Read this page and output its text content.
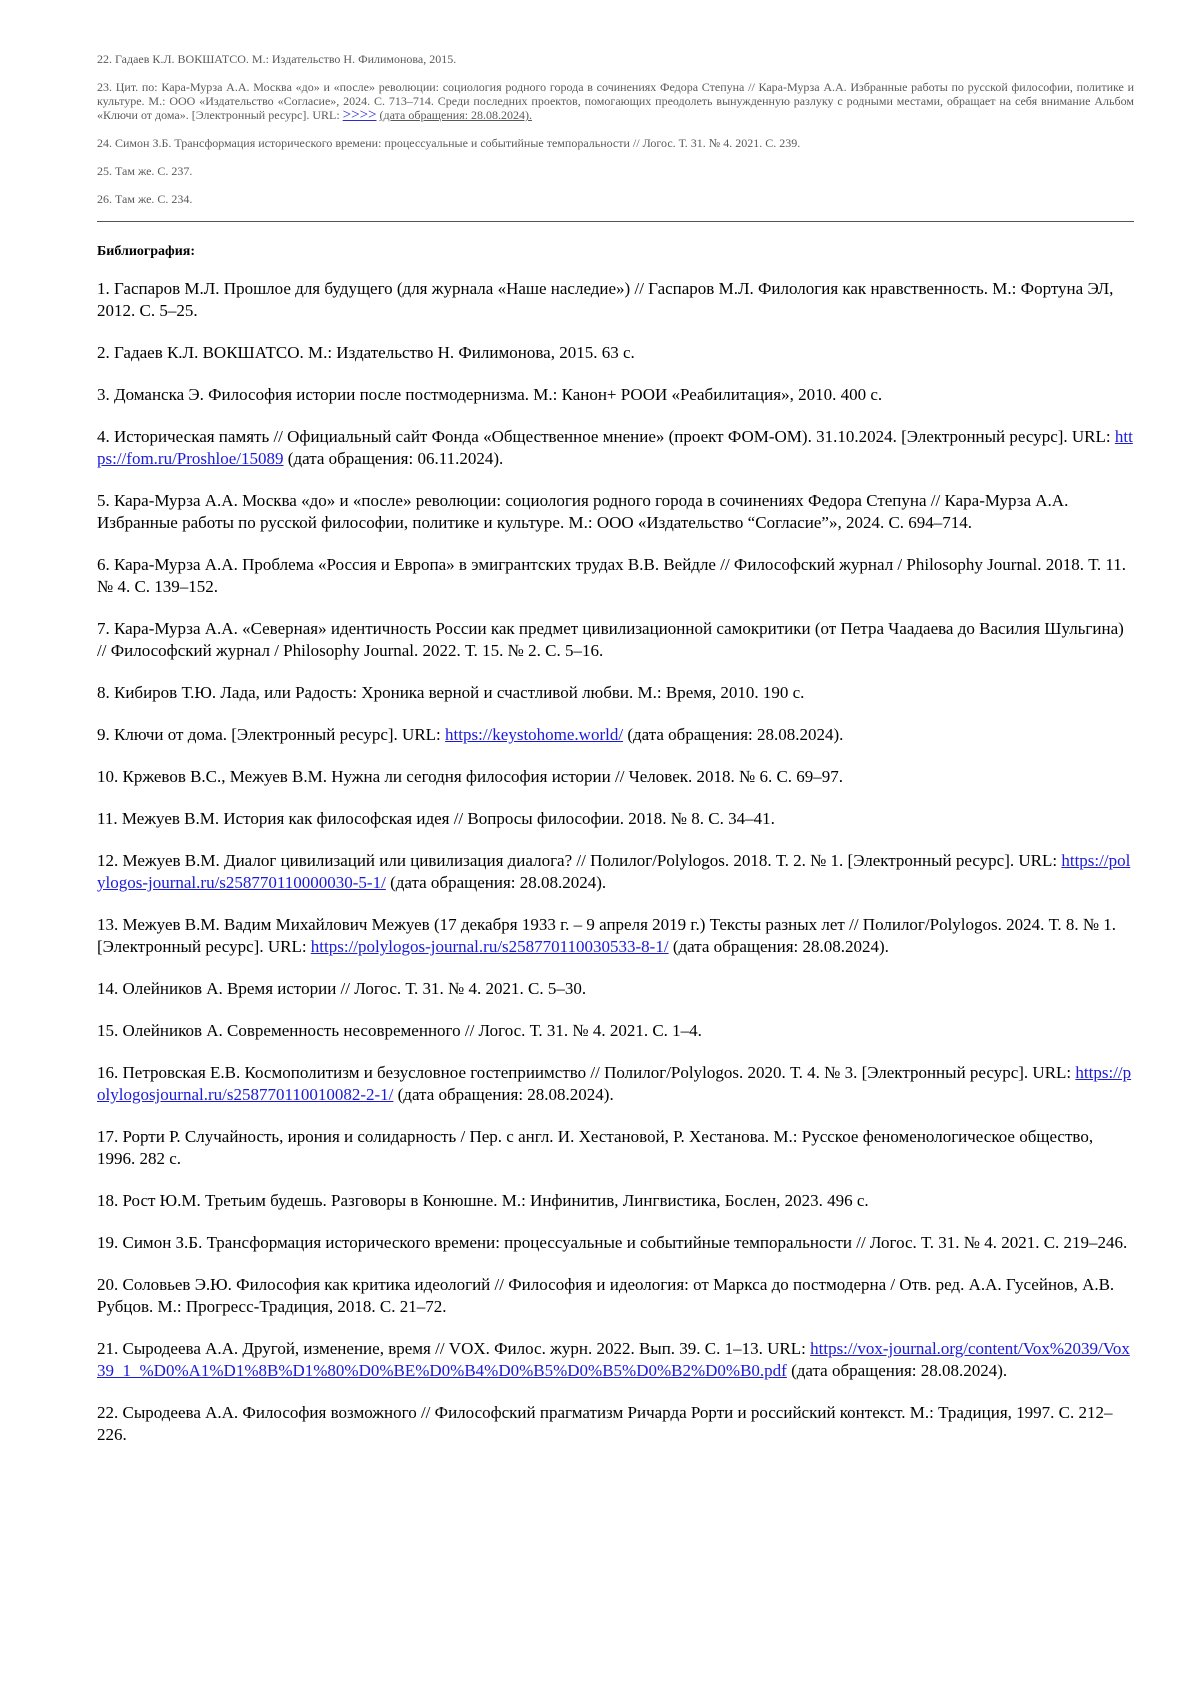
22. Гадаев К.Л. ВОКШАТСО. М.: Издательство Н. Филимонова, 2015.

23. Цит. по: Кара-Мурза А.А. Москва «до» и «после» революции: социология родного города в сочинениях Федора Степуна // Кара-Мурза А.А. Избранные работы по русской философии, политике и культуре. М.: ООО «Издательство «Согласие», 2024. С. 713–714. Среди последних проектов, помогающих преодолеть вынужденную разлуку с родными местами, обращает на себя внимание Альбом «Ключи от дома». [Электронный ресурс]. URL: >>>> (дата обращения: 28.08.2024).

24. Симон З.Б. Трансформация исторического времени: процессуальные и событийные темпоральности // Логос. Т. 31. № 4. 2021. С. 239.

25. Там же. С. 237.

26. Там же. С. 234.

Библиография:

1. Гаспаров М.Л. Прошлое для будущего (для журнала «Наше наследие») // Гаспаров М.Л. Филология как нравственность. М.: Фортуна ЭЛ, 2012. С. 5–25.

2. Гадаев К.Л. ВОКШАТСО. М.: Издательство Н. Филимонова, 2015. 63 с.

3. Доманска Э. Философия истории после постмодернизма. М.: Канон+ РООИ «Реабилитация», 2010. 400 с.

4. Историческая память // Официальный сайт Фонда «Общественное мнение» (проект ФОМ-ОМ). 31.10.2024. [Электронный ресурс]. URL: https://fom.ru/Proshloe/15089 (дата обращения: 06.11.2024).

5. Кара-Мурза А.А. Москва «до» и «после» революции: социология родного города в сочинениях Федора Степуна // Кара-Мурза А.А. Избранные работы по русской философии, политике и культуре. М.: ООО «Издательство “Согласие”», 2024. С. 694–714.

6. Кара-Мурза А.А. Проблема «Россия и Европа» в эмигрантских трудах В.В. Вейдле // Философский журнал / Philosophy Journal. 2018. Т. 11. № 4. С. 139–152.

7. Кара-Мурза А.А. «Северная» идентичность России как предмет цивилизационной самокритики (от Петра Чаадаева до Василия Шульгина) // Философский журнал / Philosophy Journal. 2022. Т. 15. № 2. С. 5–16.

8. Кибиров Т.Ю. Лада, или Радость: Хроника верной и счастливой любви. М.: Время, 2010. 190 с.

9. Ключи от дома. [Электронный ресурс]. URL: https://keystohome.world/ (дата обращения: 28.08.2024).

10. Кржевов В.С., Межуев В.М. Нужна ли сегодня философия истории // Человек. 2018. № 6. С. 69–97.

11. Межуев В.М. История как философская идея // Вопросы философии. 2018. № 8. С. 34‒41.

12. Межуев В.М. Диалог цивилизаций или цивилизация диалога? // Полилог/Polylogos. 2018. Т. 2. № 1. [Электронный ресурс]. URL: https://polylogos-journal.ru/s258770110000030-5-1/ (дата обращения: 28.08.2024).

13. Межуев В.М. Вадим Михайлович Межуев (17 декабря 1933 г. – 9 апреля 2019 г.) Тексты разных лет // Полилог/Polylogos. 2024. Т. 8. № 1. [Электронный ресурс]. URL: https://polylogos-journal.ru/s258770110030533-8-1/ (дата обращения: 28.08.2024).

14. Олейников А. Время истории // Логос. Т. 31. № 4. 2021. С. 5–30.

15. Олейников А. Современность несовременного // Логос. Т. 31. № 4. 2021. С. 1–4.

16. Петровская Е.В. Космополитизм и безусловное гостеприимство // Полилог/Polylogos. 2020. Т. 4. № 3. [Электронный ресурс]. URL: https://polylogosjournal.ru/s258770110010082-2-1/ (дата обращения: 28.08.2024).

17. Рорти Р. Случайность, ирония и солидарность / Пер. с англ. И. Хестановой, Р. Хестанова. М.: Русское феноменологическое общество, 1996. 282 с.

18. Рост Ю.М. Третьим будешь. Разговоры в Конюшне. М.: Инфинитив, Лингвистика, Бослен, 2023. 496 с.

19. Симон З.Б. Трансформация исторического времени: процессуальные и событийные темпоральности // Логос. Т. 31. № 4. 2021. С. 219–246.

20. Соловьев Э.Ю. Философия как критика идеологий // Философия и идеология: от Маркса до постмодерна / Отв. ред. А.А. Гусейнов, А.В. Рубцов. М.: Прогресс-Традиция, 2018. С. 21–72.

21. Сыродеева А.А. Другой, изменение, время // VOX. Филос. журн. 2022. Вып. 39. С. 1–13. URL: https://vox-journal.org/content/Vox%2039/Vox39_1_%D0%A1%D1%8B%D1%80%D0%BE%D0%B4%D0%B5%D0%B5%D0%B2%D0%B0.pdf (дата обращения: 28.08.2024).

22. Сыродеева А.А. Философия возможного // Философский прагматизм Ричарда Рорти и российский контекст. М.: Традиция, 1997. С. 212–226.
